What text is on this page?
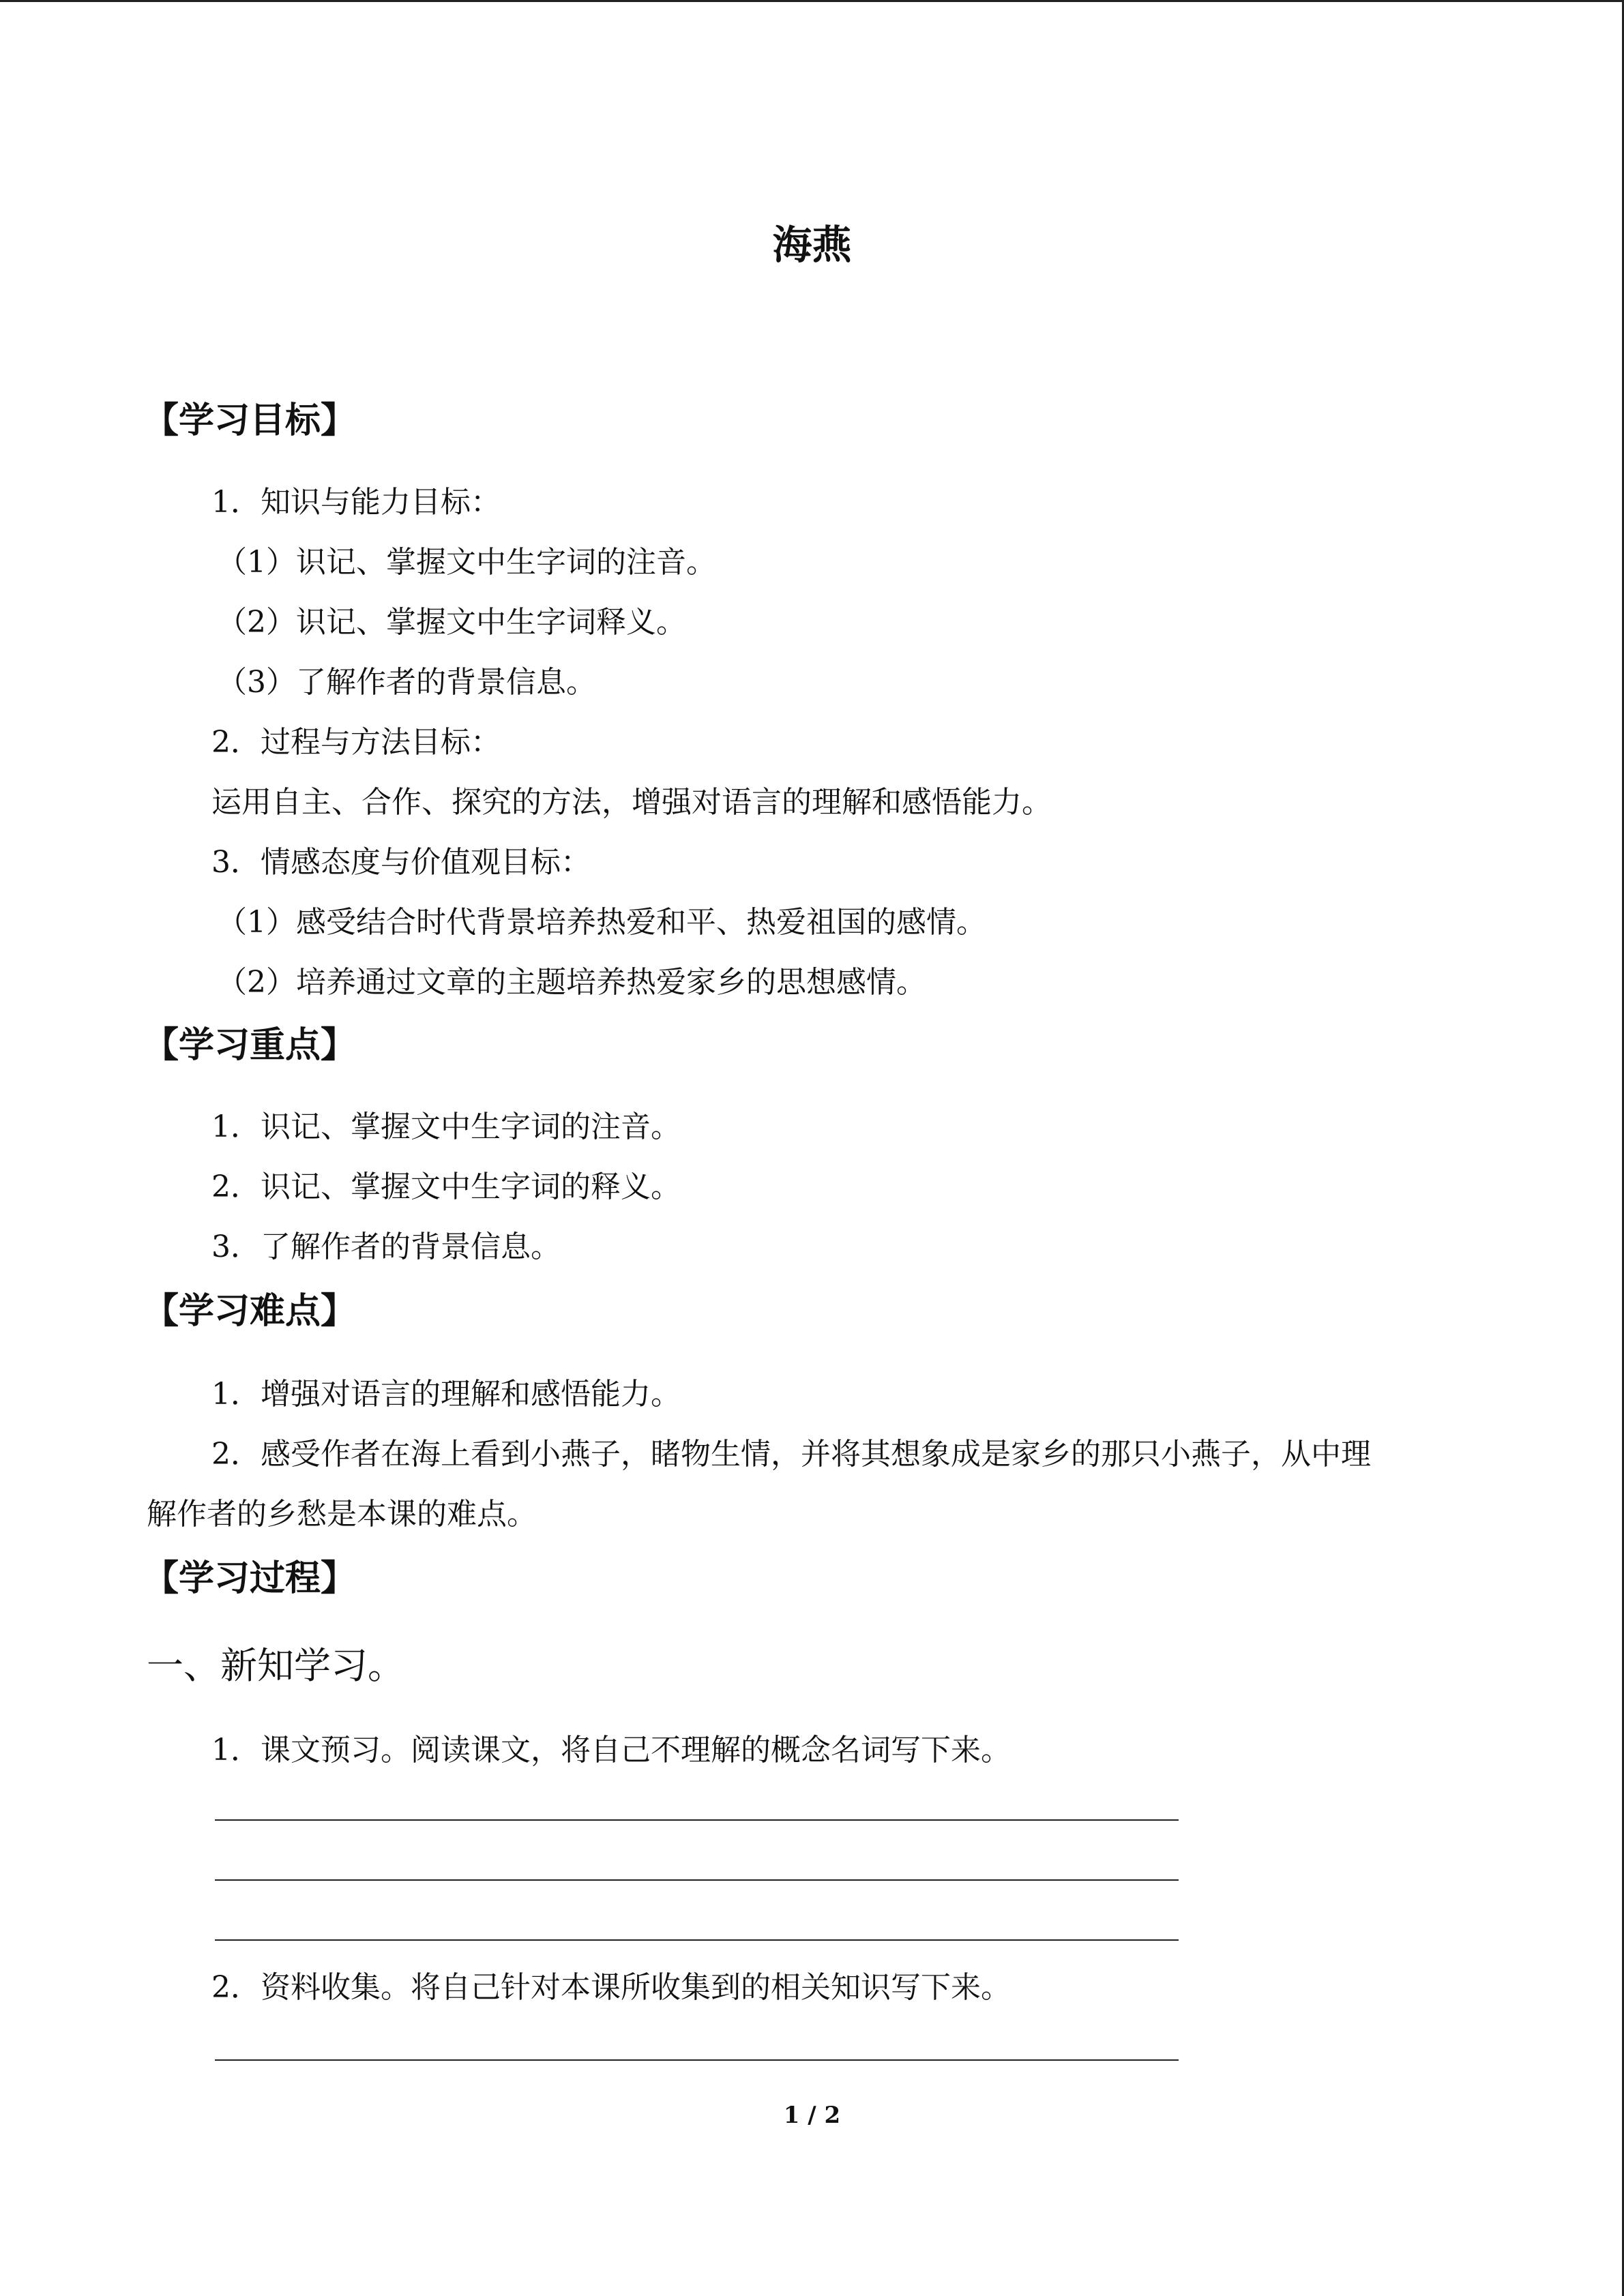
海燕
【学习目标】
1．知识与能力目标：
（1）识记、掌握文中生字词的注音。
（2）识记、掌握文中生字词释义。
（3）了解作者的背景信息。
2．过程与方法目标：
运用自主、合作、探究的方法，增强对语言的理解和感悟能力。
3．情感态度与价值观目标：
（1）感受结合时代背景培养热爱和平、热爱祖国的感情。
（2）培养通过文章的主题培养热爱家乡的思想感情。
【学习重点】
1．识记、掌握文中生字词的注音。
2．识记、掌握文中生字词的释义。
3．了解作者的背景信息。
【学习难点】
1．增强对语言的理解和感悟能力。
2．感受作者在海上看到小燕子，睹物生情，并将其想象成是家乡的那只小燕子，从中理
解作者的乡愁是本课的难点。
【学习过程】
一、新知学习。
1．课文预习。阅读课文，将自己不理解的概念名词写下来。
2．资料收集。将自己针对本课所收集到的相关知识写下来。
1 / 2
